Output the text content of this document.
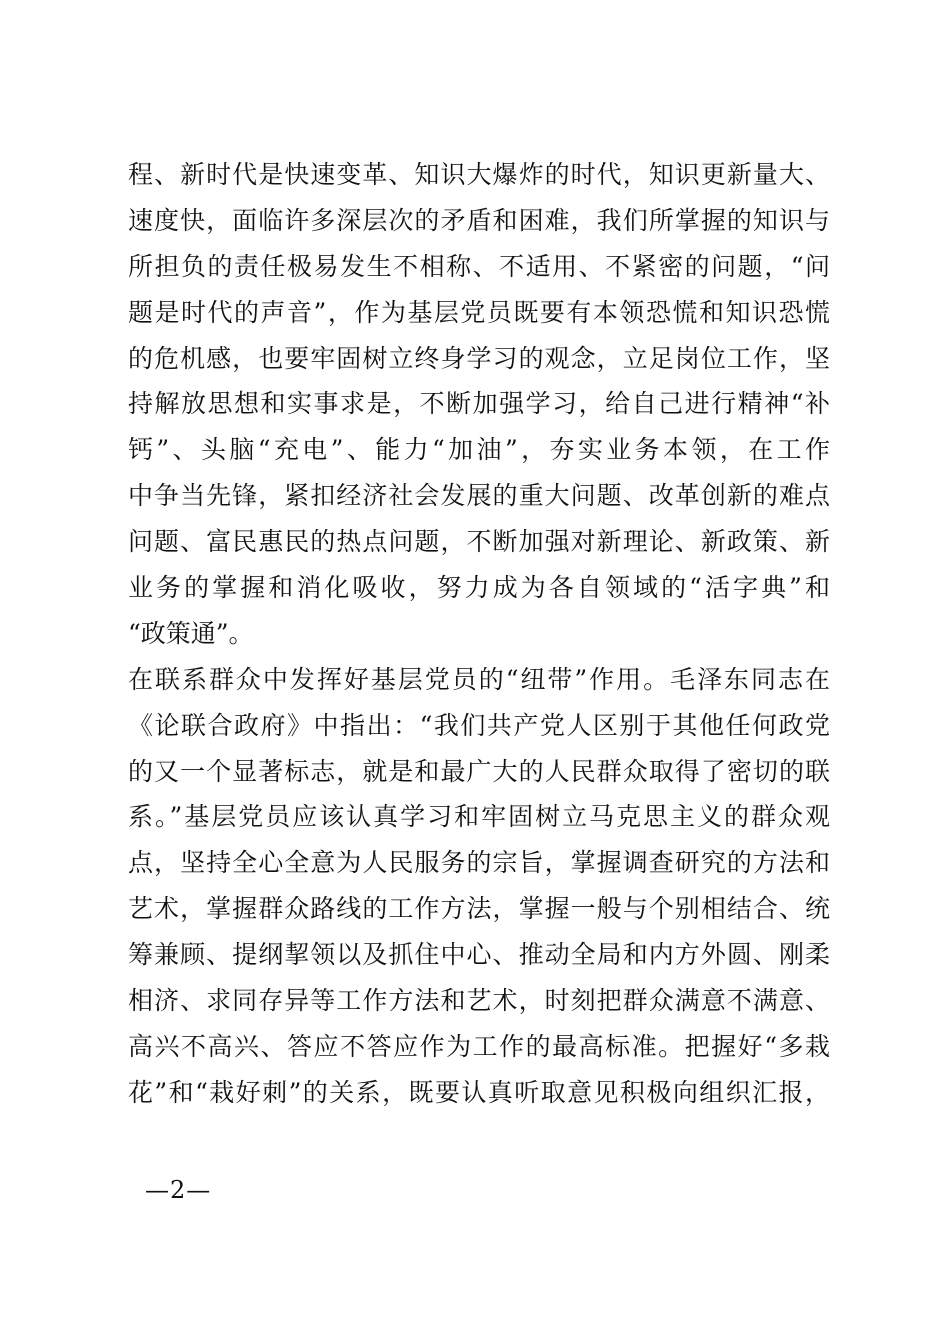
程、新时代是快速变革、知识大爆炸的时代，知识更新量大、
速度快，面临许多深层次的矛盾和困难，我们所掌握的知识与
所担负的责任极易发生不相称、不适用、不紧密的问题，“问
题是时代的声音”，作为基层党员既要有本领恐慌和知识恐慌
的危机感，也要牢固树立终身学习的观念，立足岗位工作，坚
持解放思想和实事求是，不断加强学习，给自己进行精神“补
钙”、头脑“充电”、能力“加油”，夯实业务本领，在工作
中争当先锋，紧扣经济社会发展的重大问题、改革创新的难点
问题、富民惠民的热点问题，不断加强对新理论、新政策、新
业务的掌握和消化吸收，努力成为各自领域的“活字典”和
“政策通”。
在联系群众中发挥好基层党员的“纽带”作用。毛泽东同志在
《论联合政府》中指出：“我们共产党人区别于其他任何政党
的又一个显著标志，就是和最广大的人民群众取得了密切的联
系。”基层党员应该认真学习和牢固树立马克思主义的群众观
点，坚持全心全意为人民服务的宗旨，掌握调查研究的方法和
艺术，掌握群众路线的工作方法，掌握一般与个别相结合、统
筹兼顾、提纲挈领以及抓住中心、推动全局和内方外圆、刚柔
相济、求同存异等工作方法和艺术，时刻把群众满意不满意、
高兴不高兴、答应不答应作为工作的最高标准。把握好“多栽
花”和“栽好刺”的关系，既要认真听取意见积极向组织汇报，
—2—
